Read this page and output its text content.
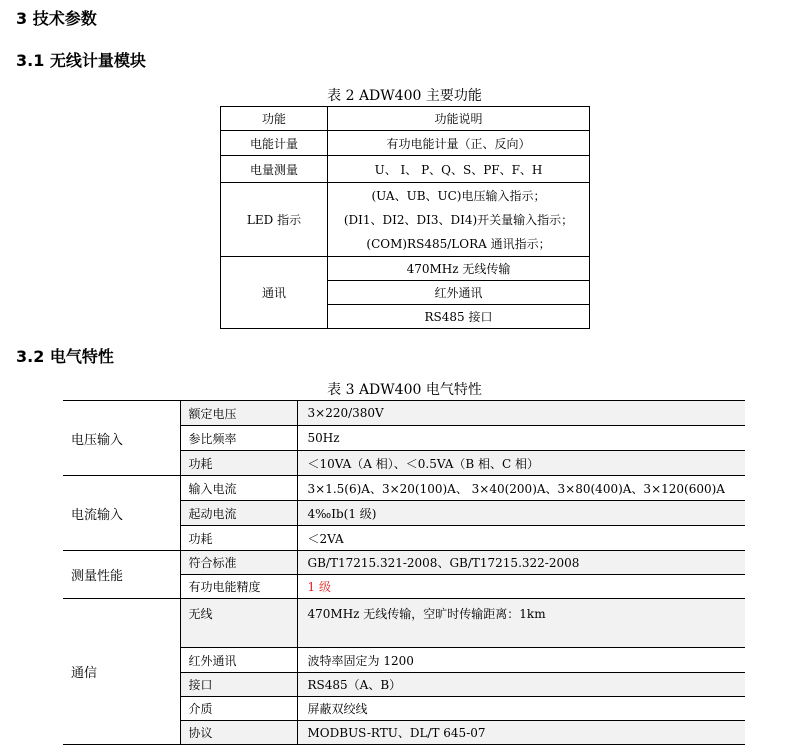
3 技术参数
3.1 无线计量模块
表 2 ADW400 主要功能
功能	功能说明
电能计量	有功电能计量（正、反向）
电量测量	U、 I、 P、Q、S、PF、F、H
LED 指示	(UA、UB、UC)电压输入指示；
(DI1、DI2、DI3、DI4)开关量输入指示；
(COM)RS485/LORA 通讯指示；

通讯	470MHz 无线传输
	红外通讯
	RS485 接口
3.2 电气特性
表 3 ADW400 电气特性
电压输入	额定电压	3×220/380V
	参比频率	50Hz
	功耗	＜10VA（A 相）、＜0.5VA（B 相、C 相）
电流输入	输入电流	3×1.5(6)A、3×20(100)A、 3×40(200)A、3×80(400)A、3×120(600)A
	起动电流	4‰Ib(1 级)
	功耗	＜2VA
测量性能	符合标准	GB/T17215.321-2008、GB/T17215.322-2008
	有功电能精度	1 级
通信	无线	470MHz 无线传输，空旷时传输距离：1km
	红外通讯	波特率固定为 1200
	接口	RS485（A、B）
	介质	屏蔽双绞线
	协议	MODBUS-RTU、DL/T 645-07
